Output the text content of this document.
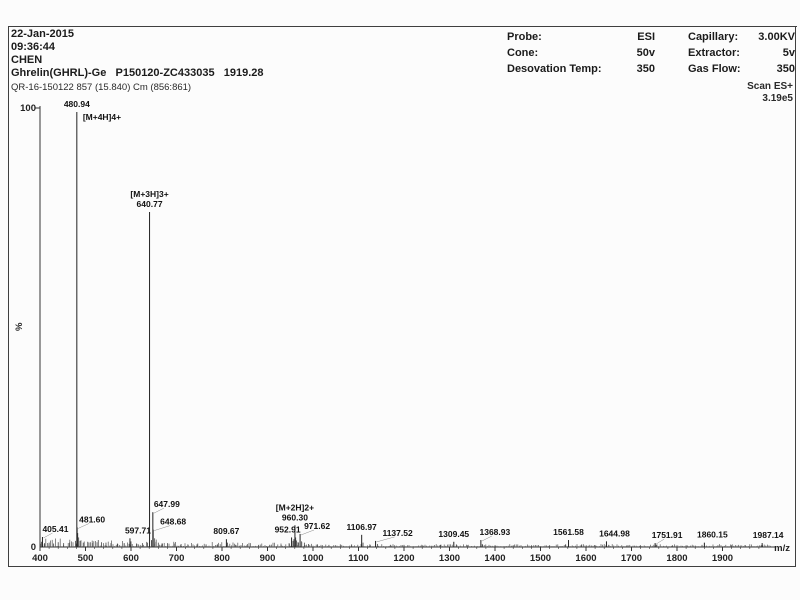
22-Jan-2015
09:36:44
CHEN
Ghrelin(GHRL)-Ge   P150120-ZC433035   1919.28
QR-16-150122 857 (15.840) Cm (856:861)
Probe:	ESI
Cone:	50v
Desovation Temp:	350
Capillary: 3.00KV
Extractor:	5v
Gas Flow:	350
Scan ES+
3.19e5
0
100
%
400	500	600	700	800	900	1000	1100	1200	1300	1400	1500	1600	1700	1800	1900
m/z
405.41
480.94
[M+4H]4+
481.60
597.71
640.77
[M+3H]3+
647.99
648.68
809.67	952.91
960.30
[M+2H]2+
971.62 1106.97
1137.52	1309.45 1368.93	1561.58 1644.98	1751.91 1860.15	1987.14
